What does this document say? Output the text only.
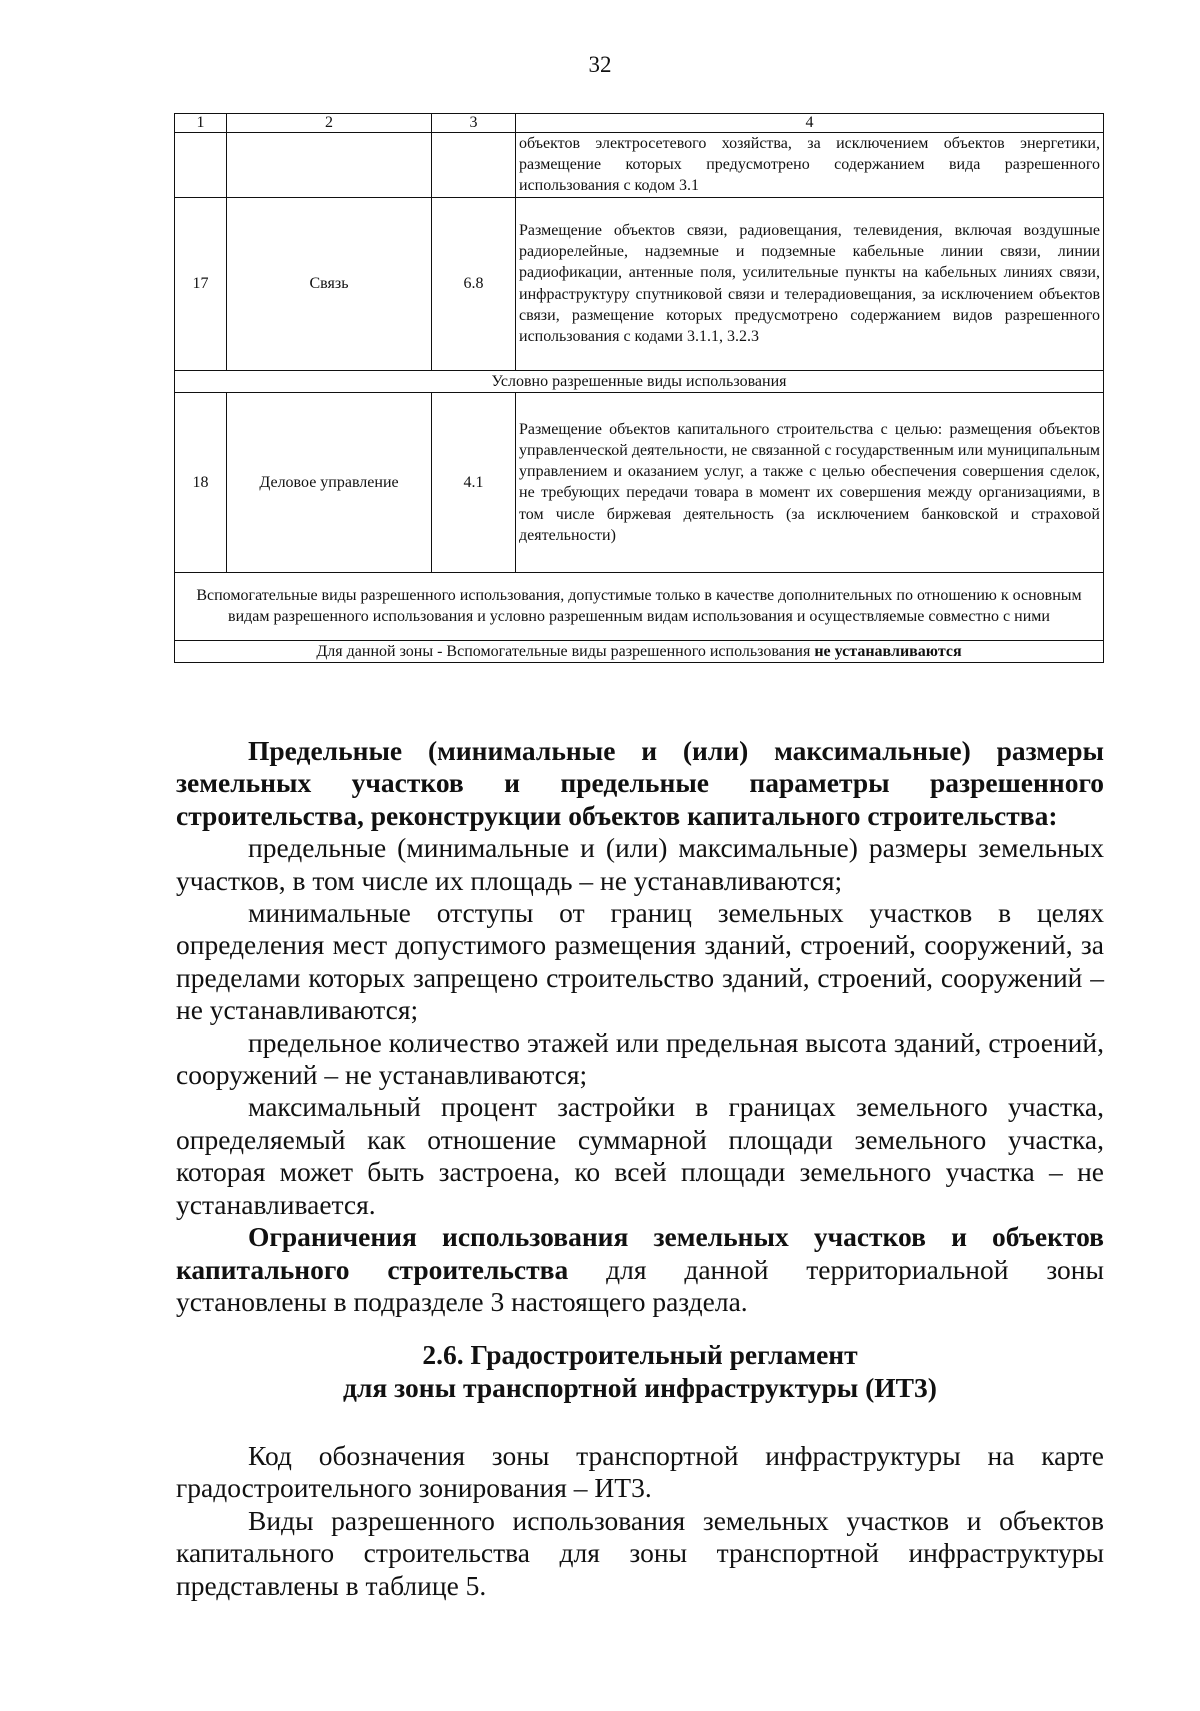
32
1	2	3	4
			объектов электросетевого хозяйства, за исключением объектов энергетики, размещение которых предусмотрено содержанием вида разрешенного использования с кодом 3.1
17	Связь	6.8	Размещение объектов связи, радиовещания, телевидения, включая воздушные радиорелейные, надземные и подземные кабельные линии связи, линии радиофикации, антенные поля, усилительные пункты на кабельных линиях связи, инфраструктуру спутниковой связи и телерадиовещания, за исключением объектов связи, размещение которых предусмотрено содержанием видов разрешенного использования с кодами 3.1.1, 3.2.3
Условно разрешенные виды использования			
18	Деловое управление	4.1	Размещение объектов капитального строительства с целью: размещения объектов управленческой деятельности, не связанной с государственным или муниципальным управлением и оказанием услуг, а также с целью обеспечения совершения сделок, не требующих передачи товара в момент их совершения между организациями, в том числе биржевая деятельность (за исключением банковской и страховой деятельности)
Вспомогательные виды разрешенного использования, допустимые только в качестве дополнительных по отношению к основным видам разрешенного использования и условно разрешенным видам использования и осуществляемые совместно с ними			
Для данной зоны - Вспомогательные виды разрешенного использования не устанавливаются			

Предельные (минимальные и (или) максимальные) размеры земельных участков и предельные параметры разрешенного строительства, реконструкции объектов капитального строительства:

предельные (минимальные и (или) максимальные) размеры земельных участков, в том числе их площадь – не устанавливаются;

минимальные отступы от границ земельных участков в целях определения мест допустимого размещения зданий, строений, сооружений, за пределами которых запрещено строительство зданий, строений, сооружений – не устанавливаются;

предельное количество этажей или предельная высота зданий, строений, сооружений – не устанавливаются;

максимальный процент застройки в границах земельного участка, определяемый как отношение суммарной площади земельного участка, которая может быть застроена, ко всей площади земельного участка – не устанавливается.

Ограничения использования земельных участков и объектов капитального строительства для данной территориальной зоны установлены в подразделе 3 настоящего раздела.

2.6. Градостроительный регламент
для зоны транспортной инфраструктуры (ИТ3)

Код обозначения зоны транспортной инфраструктуры на карте градостроительного зонирования – ИТ3.

Виды разрешенного использования земельных участков и объектов капитального строительства для зоны транспортной инфраструктуры представлены в таблице 5.
